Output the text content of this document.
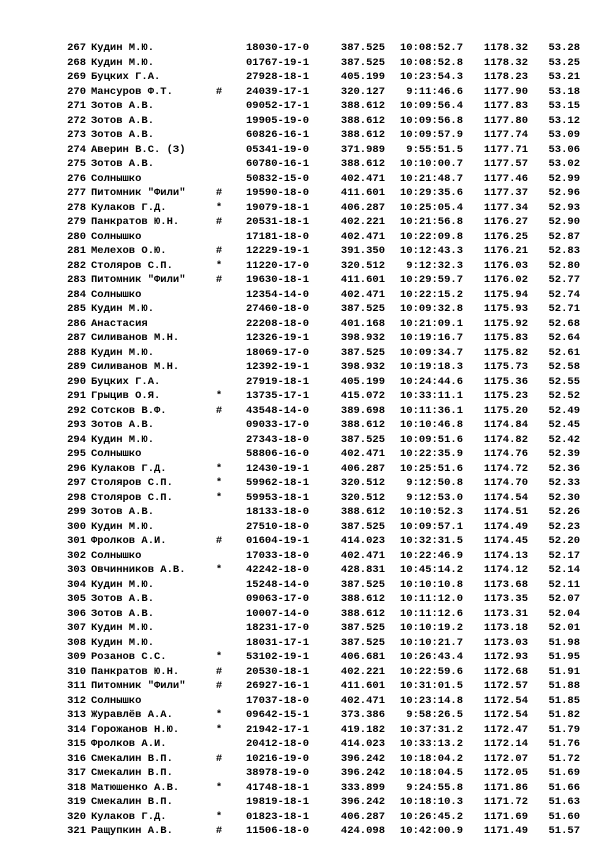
267 Кудин М.Ю.	18030-17-0	387.525	10:08:52.7	1178.32	53.28
268 Кудин М.Ю.	01767-19-1	387.525	10:08:52.8	1178.32	53.25
269 Буцких Г.А.	27928-18-1	405.199	10:23:54.3	1178.23	53.21
270 Мансуров Ф.Т.	#	24039-17-1	320.127	9:11:46.6	1177.90	53.18
271 Зотов А.В.	09052-17-1	388.612	10:09:56.4	1177.83	53.15
272 Зотов А.В.	19905-19-0	388.612	10:09:56.8	1177.80	53.12
273 Зотов А.В.	60826-16-1	388.612	10:09:57.9	1177.74	53.09
274 Аверин В.С. (З)	05341-19-0	371.989	9:55:51.5	1177.71	53.06
275 Зотов А.В.	60780-16-1	388.612	10:10:00.7	1177.57	53.02
276 Солнышко	50832-15-0	402.471	10:21:48.7	1177.46	52.99
277 Питомник "Фили"	#	19590-18-0	411.601	10:29:35.6	1177.37	52.96
278 Кулаков Г.Д.	*	19079-18-1	406.287	10:25:05.4	1177.34	52.93
279 Панкратов Ю.Н.	#	20531-18-1	402.221	10:21:56.8	1176.27	52.90
280 Солнышко	17181-18-0	402.471	10:22:09.8	1176.25	52.87
281 Мелехов О.Ю.	#	12229-19-1	391.350	10:12:43.3	1176.21	52.83
282 Столяров С.П.	*	11220-17-0	320.512	9:12:32.3	1176.03	52.80
283 Питомник "Фили"	#	19630-18-1	411.601	10:29:59.7	1176.02	52.77
284 Солнышко	12354-14-0	402.471	10:22:15.2	1175.94	52.74
285 Кудин М.Ю.	27460-18-0	387.525	10:09:32.8	1175.93	52.71
286 Анастасия	22208-18-0	401.168	10:21:09.1	1175.92	52.68
287 Силиванов М.Н.	12326-19-1	398.932	10:19:16.7	1175.83	52.64
288 Кудин М.Ю.	18069-17-0	387.525	10:09:34.7	1175.82	52.61
289 Силиванов М.Н.	12392-19-1	398.932	10:19:18.3	1175.73	52.58
290 Буцких Г.А.	27919-18-1	405.199	10:24:44.6	1175.36	52.55
291 Грыцив О.Я.	*	13735-17-1	415.072	10:33:11.1	1175.23	52.52
292 Сотсков В.Ф.	#	43548-14-0	389.698	10:11:36.1	1175.20	52.49
293 Зотов А.В.	09033-17-0	388.612	10:10:46.8	1174.84	52.45
294 Кудин М.Ю.	27343-18-0	387.525	10:09:51.6	1174.82	52.42
295 Солнышко	58806-16-0	402.471	10:22:35.9	1174.76	52.39
296 Кулаков Г.Д.	*	12430-19-1	406.287	10:25:51.6	1174.72	52.36
297 Столяров С.П.	*	59962-18-1	320.512	9:12:50.8	1174.70	52.33
298 Столяров С.П.	*	59953-18-1	320.512	9:12:53.0	1174.54	52.30
299 Зотов А.В.	18133-18-0	388.612	10:10:52.3	1174.51	52.26
300 Кудин М.Ю.	27510-18-0	387.525	10:09:57.1	1174.49	52.23
301 Фролков А.И.	#	01604-19-1	414.023	10:32:31.5	1174.45	52.20
302 Солнышко	17033-18-0	402.471	10:22:46.9	1174.13	52.17
303 Овчинников А.В.	*	42242-18-0	428.831	10:45:14.2	1174.12	52.14
304 Кудин М.Ю.	15248-14-0	387.525	10:10:10.8	1173.68	52.11
305 Зотов А.В.	09063-17-0	388.612	10:11:12.0	1173.35	52.07
306 Зотов А.В.	10007-14-0	388.612	10:11:12.6	1173.31	52.04
307 Кудин М.Ю.	18231-17-0	387.525	10:10:19.2	1173.18	52.01
308 Кудин М.Ю.	18031-17-1	387.525	10:10:21.7	1173.03	51.98
309 Розанов С.С.	*	53102-19-1	406.681	10:26:43.4	1172.93	51.95
310 Панкратов Ю.Н.	#	20530-18-1	402.221	10:22:59.6	1172.68	51.91
311 Питомник "Фили"	#	26927-16-1	411.601	10:31:01.5	1172.57	51.88
312 Солнышко	17037-18-0	402.471	10:23:14.8	1172.54	51.85
313 Журавлёв А.А.	*	09642-15-1	373.386	9:58:26.5	1172.54	51.82
314 Горожанов Н.Ю.	*	21942-17-1	419.182	10:37:31.2	1172.47	51.79
315 Фролков А.И.	20412-18-0	414.023	10:33:13.2	1172.14	51.76
316 Смекалин В.П.	#	10216-19-0	396.242	10:18:04.2	1172.07	51.72
317 Смекалин В.П.	38978-19-0	396.242	10:18:04.5	1172.05	51.69
318 Матюшенко А.В.	*	41748-18-1	333.899	9:24:55.8	1171.86	51.66
319 Смекалин В.П.	19819-18-1	396.242	10:18:10.3	1171.72	51.63
320 Кулаков Г.Д.	*	01823-18-1	406.287	10:26:45.2	1171.69	51.60
321 Ращупкин А.В.	#	11506-18-0	424.098	10:42:00.9	1171.49	51.57
